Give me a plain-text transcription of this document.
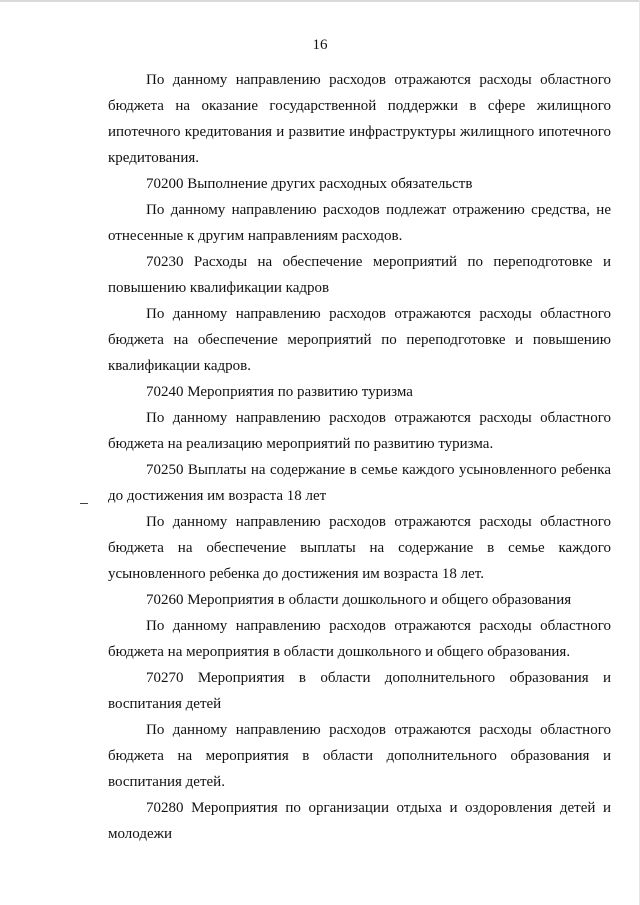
16

По данному направлению расходов отражаются расходы областного бюджета на оказание государственной поддержки в сфере жилищного ипотечного кредитования и развитие инфраструктуры жилищного ипотечного кредитования.

70200 Выполнение других расходных обязательств

По данному направлению расходов подлежат отражению средства, не отнесенные к другим направлениям расходов.

70230 Расходы на обеспечение мероприятий по переподготовке и повышению квалификации кадров

По данному направлению расходов отражаются расходы областного бюджета на обеспечение мероприятий по переподготовке и повышению квалификации кадров.

70240 Мероприятия по развитию туризма

По данному направлению расходов отражаются расходы областного бюджета на реализацию мероприятий по развитию туризма.

70250 Выплаты на содержание в семье каждого усыновленного ребенка до достижения им возраста 18 лет

По данному направлению расходов отражаются расходы областного бюджета на обеспечение выплаты на содержание в семье каждого усыновленного ребенка до достижения им возраста 18 лет.

70260 Мероприятия в области дошкольного и общего образования

По данному направлению расходов отражаются расходы областного бюджета на мероприятия в области дошкольного и общего образования.

70270 Мероприятия в области дополнительного образования и воспитания детей

По данному направлению расходов отражаются расходы областного бюджета на мероприятия в области дополнительного образования и воспитания детей.

70280 Мероприятия по организации отдыха и оздоровления детей и молодежи
